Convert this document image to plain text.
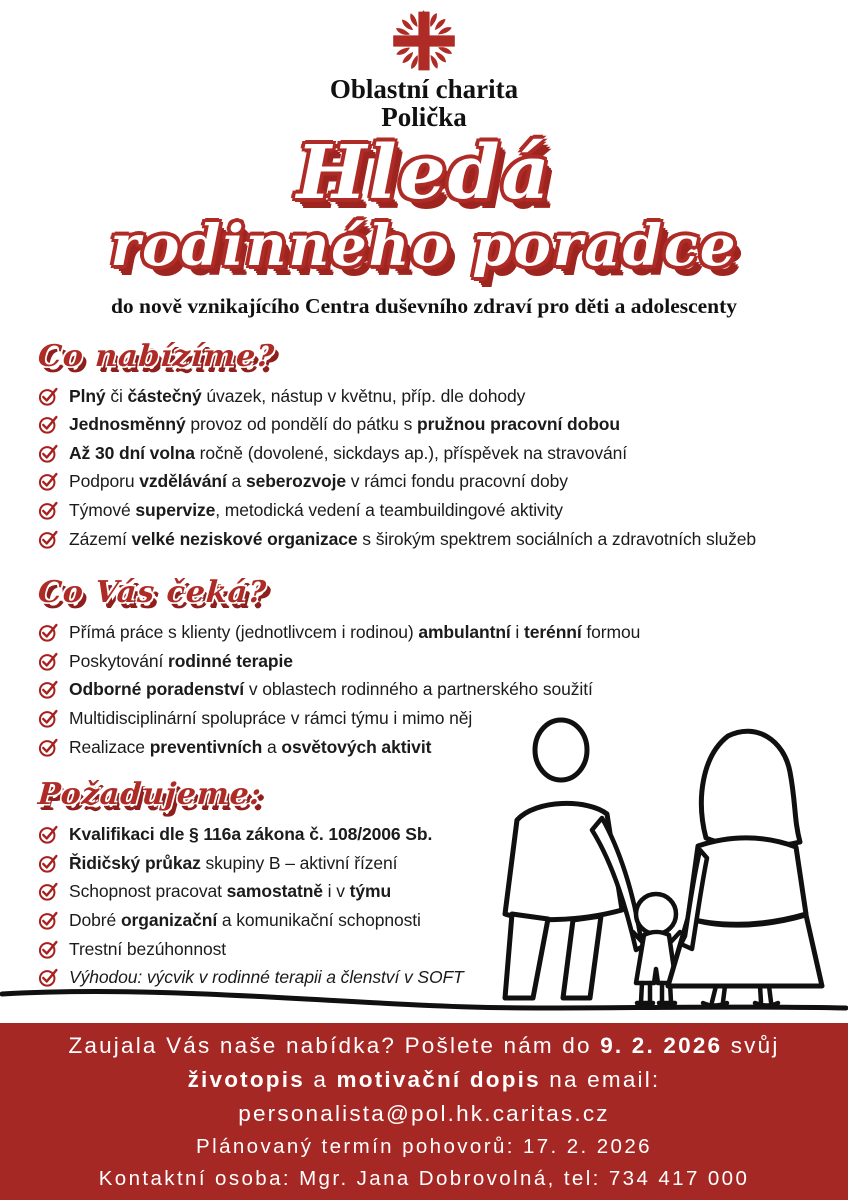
Oblastní charita
Polička
Hledá
rodinného poradce
do nově vznikajícího Centra duševního zdraví pro děti a adolescenty
Co nabízíme?
Plný či částečný úvazek, nástup v květnu, příp. dle dohody
Jednosměnný provoz od pondělí do pátku s pružnou pracovní dobou
Až 30 dní volna ročně (dovolené, sickdays ap.), příspěvek na stravování
Podporu vzdělávání a seberozvoje v rámci fondu pracovní doby
Týmové supervize, metodická vedení a teambuildingové aktivity
Zázemí velké neziskové organizace s širokým spektrem sociálních a zdravotních služeb
Co Vás čeká?
Přímá práce s klienty (jednotlivcem i rodinou) ambulantní i terénní formou
Poskytování rodinné terapie
Odborné poradenství v oblastech rodinného a partnerského soužití
Multidisciplinární spolupráce v rámci týmu i mimo něj
Realizace preventivních a osvětových aktivit
Požadujeme:
Kvalifikaci dle § 116a zákona č. 108/2006 Sb.
Řidičský průkaz skupiny B – aktivní řízení
Schopnost pracovat samostatně i v týmu
Dobré organizační a komunikační schopnosti
Trestní bezúhonnost
Výhodou: výcvik v rodinné terapii a členství v SOFT
Zaujala Vás naše nabídka? Pošlete nám do 9. 2. 2026 svůj
životopis a motivační dopis na email:
personalista@pol.hk.caritas.cz
Plánovaný termín pohovorů: 17. 2. 2026
Kontaktní osoba: Mgr. Jana Dobrovolná, tel: 734 417 000
